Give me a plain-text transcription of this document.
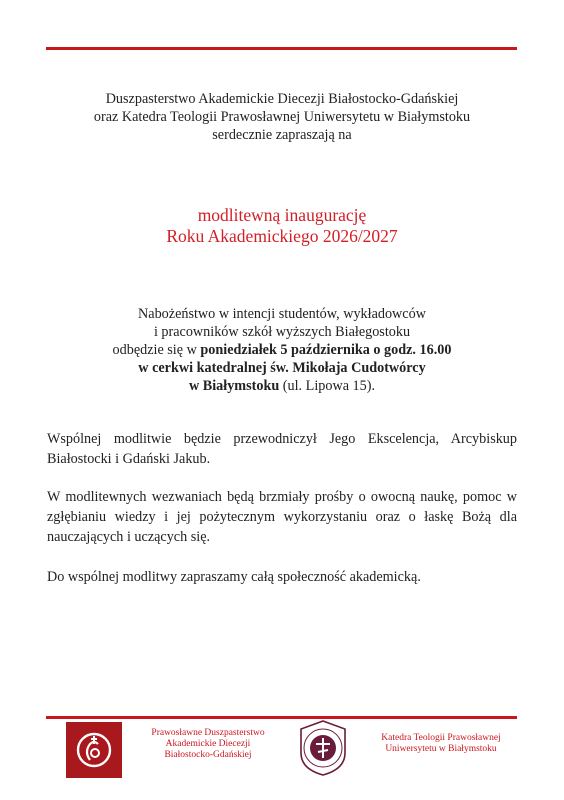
Duszpasterstwo Akademickie Diecezji Białostocko-Gdańskiej
oraz Katedra Teologii Prawosławnej Uniwersytetu w Białymstoku
serdecznie zapraszają na
modlitewną inaugurację
Roku Akademickiego 2026/2027
Nabożeństwo w intencji studentów, wykładowców
i pracowników szkół wyższych Białegostoku
odbędzie się w poniedziałek 5 października o godz. 16.00
w cerkwi katedralnej św. Mikołaja Cudotwórcy
w Białymstoku (ul. Lipowa 15).
Wspólnej modlitwie będzie przewodniczył Jego Ekscelencja, Arcybiskup Białostocki i Gdański Jakub.
W modlitewnych wezwaniach będą brzmiały prośby o owocną naukę, pomoc w zgłębianiu wiedzy i jej pożytecznym wykorzystaniu oraz o łaskę Bożą dla nauczających i uczących się.
Do wspólnej modlitwy zapraszamy całą społeczność akademicką.
Prawosławne Duszpasterstwo
Akademickie Diecezji
Białostocko-Gdańskiej
Katedra Teologii Prawosławnej
Uniwersytetu w Białymstoku
